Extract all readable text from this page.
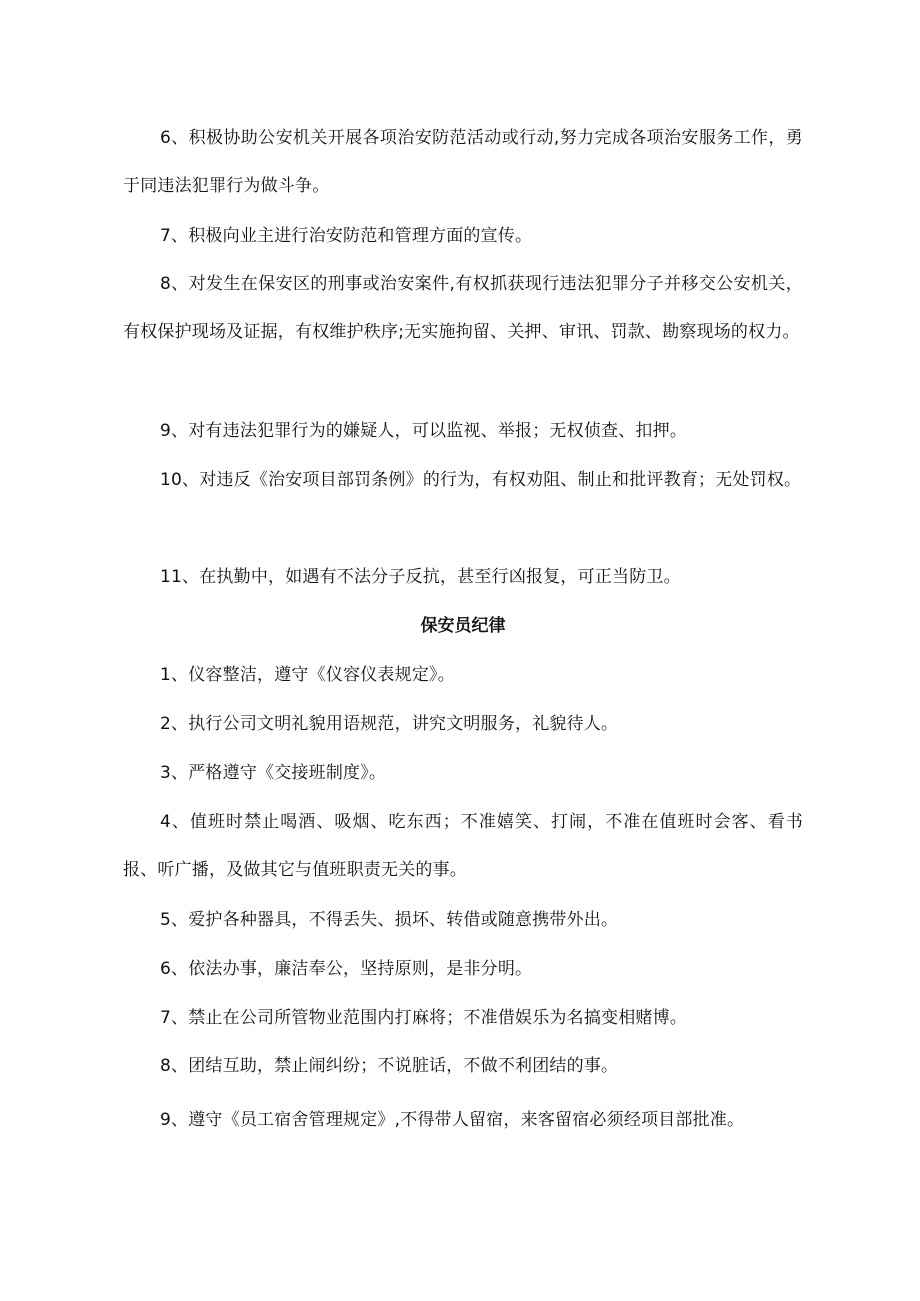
6、积极协助公安机关开展各项治安防范活动或行动,努力完成各项治安服务工作，勇于同违法犯罪行为做斗争。

7、积极向业主进行治安防范和管理方面的宣传。

8、对发生在保安区的刑事或治安案件,有权抓获现行违法犯罪分子并移交公安机关，有权保护现场及证据，有权维护秩序;无实施拘留、关押、审讯、罚款、勘察现场的权力。

9、对有违法犯罪行为的嫌疑人，可以监视、举报；无权侦查、扣押。

10、对违反《治安项目部罚条例》的行为，有权劝阻、制止和批评教育；无处罚权。

11、在执勤中，如遇有不法分子反抗，甚至行凶报复，可正当防卫。

保安员纪律

1、仪容整洁，遵守《仪容仪表规定》。

2、执行公司文明礼貌用语规范，讲究文明服务，礼貌待人。

3、严格遵守《交接班制度》。

4、值班时禁止喝酒、吸烟、吃东西；不准嬉笑、打闹，不准在值班时会客、看书报、听广播，及做其它与值班职责无关的事。

5、爱护各种器具，不得丢失、损坏、转借或随意携带外出。

6、依法办事，廉洁奉公，坚持原则，是非分明。

7、禁止在公司所管物业范围内打麻将；不准借娱乐为名搞变相赌博。

8、团结互助，禁止闹纠纷；不说脏话，不做不利团结的事。

9、遵守《员工宿舍管理规定》,不得带人留宿，来客留宿必须经项目部批准。
